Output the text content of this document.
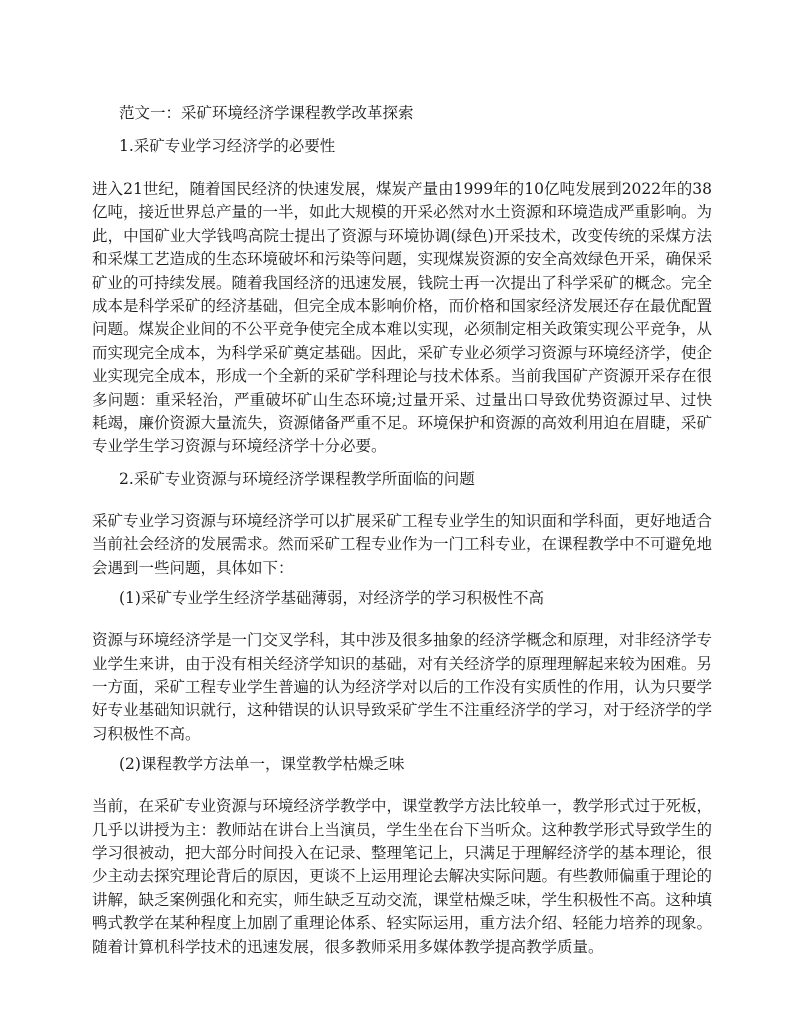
范文一：采矿环境经济学课程教学改革探索

1.采矿专业学习经济学的必要性

进入21世纪，随着国民经济的快速发展，煤炭产量由1999年的10亿吨发展到2022年的38亿吨，接近世界总产量的一半，如此大规模的开采必然对水土资源和环境造成严重影响。为此，中国矿业大学钱鸣高院士提出了资源与环境协调(绿色)开采技术，改变传统的采煤方法和采煤工艺造成的生态环境破坏和污染等问题，实现煤炭资源的安全高效绿色开采，确保采矿业的可持续发展。随着我国经济的迅速发展，钱院士再一次提出了科学采矿的概念。完全成本是科学采矿的经济基础，但完全成本影响价格，而价格和国家经济发展还存在最优配置问题。煤炭企业间的不公平竞争使完全成本难以实现，必须制定相关政策实现公平竞争，从而实现完全成本，为科学采矿奠定基础。因此，采矿专业必须学习资源与环境经济学，使企业实现完全成本，形成一个全新的采矿学科理论与技术体系。当前我国矿产资源开采存在很多问题：重采轻治，严重破坏矿山生态环境;过量开采、过量出口导致优势资源过早、过快耗竭，廉价资源大量流失，资源储备严重不足。环境保护和资源的高效利用迫在眉睫，采矿专业学生学习资源与环境经济学十分必要。

2.采矿专业资源与环境经济学课程教学所面临的问题

采矿专业学习资源与环境经济学可以扩展采矿工程专业学生的知识面和学科面，更好地适合当前社会经济的发展需求。然而采矿工程专业作为一门工科专业，在课程教学中不可避免地会遇到一些问题，具体如下：

(1)采矿专业学生经济学基础薄弱，对经济学的学习积极性不高

资源与环境经济学是一门交叉学科，其中涉及很多抽象的经济学概念和原理，对非经济学专业学生来讲，由于没有相关经济学知识的基础，对有关经济学的原理理解起来较为困难。另一方面，采矿工程专业学生普遍的认为经济学对以后的工作没有实质性的作用，认为只要学好专业基础知识就行，这种错误的认识导致采矿学生不注重经济学的学习，对于经济学的学习积极性不高。

(2)课程教学方法单一，课堂教学枯燥乏味

当前，在采矿专业资源与环境经济学教学中，课堂教学方法比较单一，教学形式过于死板，几乎以讲授为主：教师站在讲台上当演员，学生坐在台下当听众。这种教学形式导致学生的学习很被动，把大部分时间投入在记录、整理笔记上，只满足于理解经济学的基本理论，很少主动去探究理论背后的原因，更谈不上运用理论去解决实际问题。有些教师偏重于理论的讲解，缺乏案例强化和充实，师生缺乏互动交流，课堂枯燥乏味，学生积极性不高。这种填鸭式教学在某种程度上加剧了重理论体系、轻实际运用，重方法介绍、轻能力培养的现象。随着计算机科学技术的迅速发展，很多教师采用多媒体教学提高教学质量。
